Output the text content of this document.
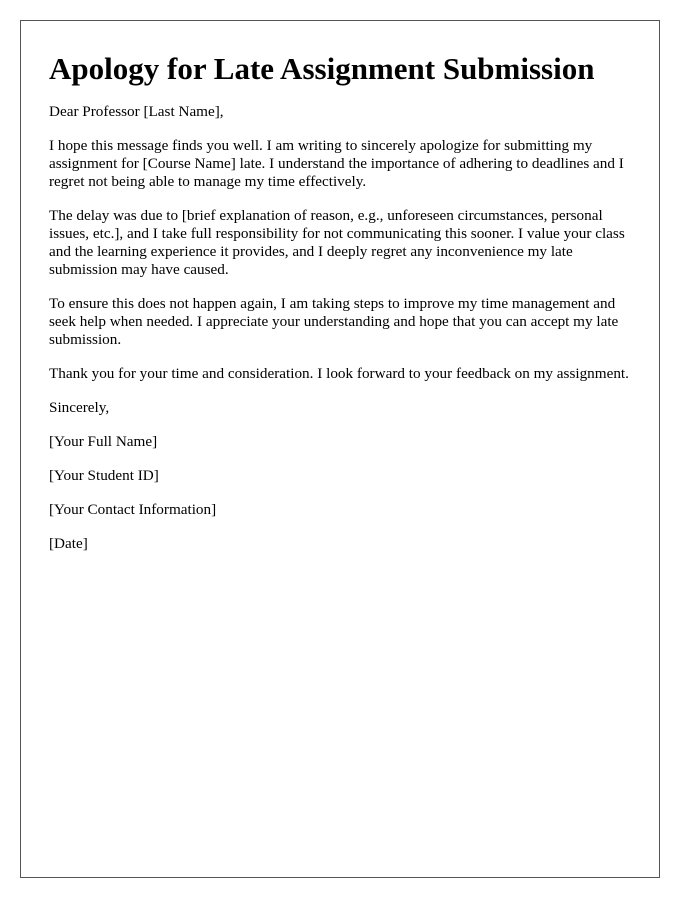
Apology for Late Assignment Submission

Dear Professor [Last Name],

I hope this message finds you well. I am writing to sincerely apologize for submitting my assignment for [Course Name] late. I understand the importance of adhering to deadlines and I regret not being able to manage my time effectively.

The delay was due to [brief explanation of reason, e.g., unforeseen circumstances, personal issues, etc.], and I take full responsibility for not communicating this sooner. I value your class and the learning experience it provides, and I deeply regret any inconvenience my late submission may have caused.

To ensure this does not happen again, I am taking steps to improve my time management and seek help when needed. I appreciate your understanding and hope that you can accept my late submission.

Thank you for your time and consideration. I look forward to your feedback on my assignment.

Sincerely,

[Your Full Name]

[Your Student ID]

[Your Contact Information]

[Date]
